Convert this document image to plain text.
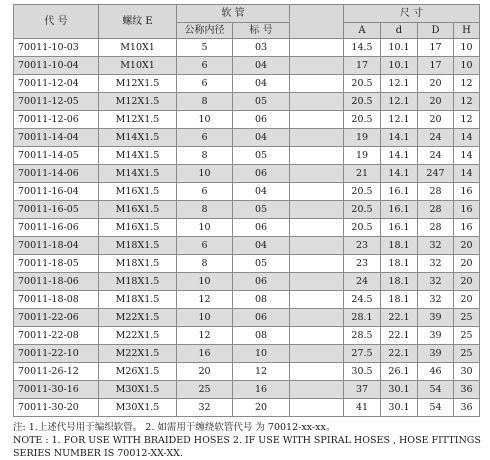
代 号	螺纹 E	软 管			尺 寸			
		公称内径	标 号		A	d	D	H
70011-10-03	M10X1	5	03		14.5	10.1	17	10
70011-10-04	M10X1	6	04		17	10.1	17	10
70011-12-04	M12X1.5	6	04		20.5	12.1	20	12
70011-12-05	M12X1.5	8	05		20.5	12.1	20	12
70011-12-06	M12X1.5	10	06		20.5	12.1	20	12
70011-14-04	M14X1.5	6	04		19	14.1	24	14
70011-14-05	M14X1.5	8	05		19	14.1	24	14
70011-14-06	M14X1.5	10	06		21	14.1	247	14
70011-16-04	M16X1.5	6	04		20.5	16.1	28	16
70011-16-05	M16X1.5	8	05		20.5	16.1	28	16
70011-16-06	M16X1.5	10	06		20.5	16.1	28	16
70011-18-04	M18X1.5	6	04		23	18.1	32	20
70011-18-05	M18X1.5	8	05		23	18.1	32	20
70011-18-06	M18X1.5	10	06		24	18.1	32	20
70011-18-08	M18X1.5	12	08		24.5	18.1	32	20
70011-22-06	M22X1.5	10	06		28.1	22.1	39	25
70011-22-08	M22X1.5	12	08		28.5	22.1	39	25
70011-22-10	M22X1.5	16	10		27.5	22.1	39	25
70011-26-12	M26X1.5	20	12		30.5	26.1	46	30
70011-30-16	M30X1.5	25	16		37	30.1	54	36
70011-30-20	M30X1.5	32	20		41	30.1	54	36
注: 1.上述代号用于编织软管。 2. 如需用于缠绕软管代号 为 70012-xx-xx。
NOTE : 1. FOR USE WITH BRAIDED HOSES 2. IF USE WITH SPIRAL HOSES , HOSE FITTINGS
SERIES NUMBER IS 70012-XX-XX.
